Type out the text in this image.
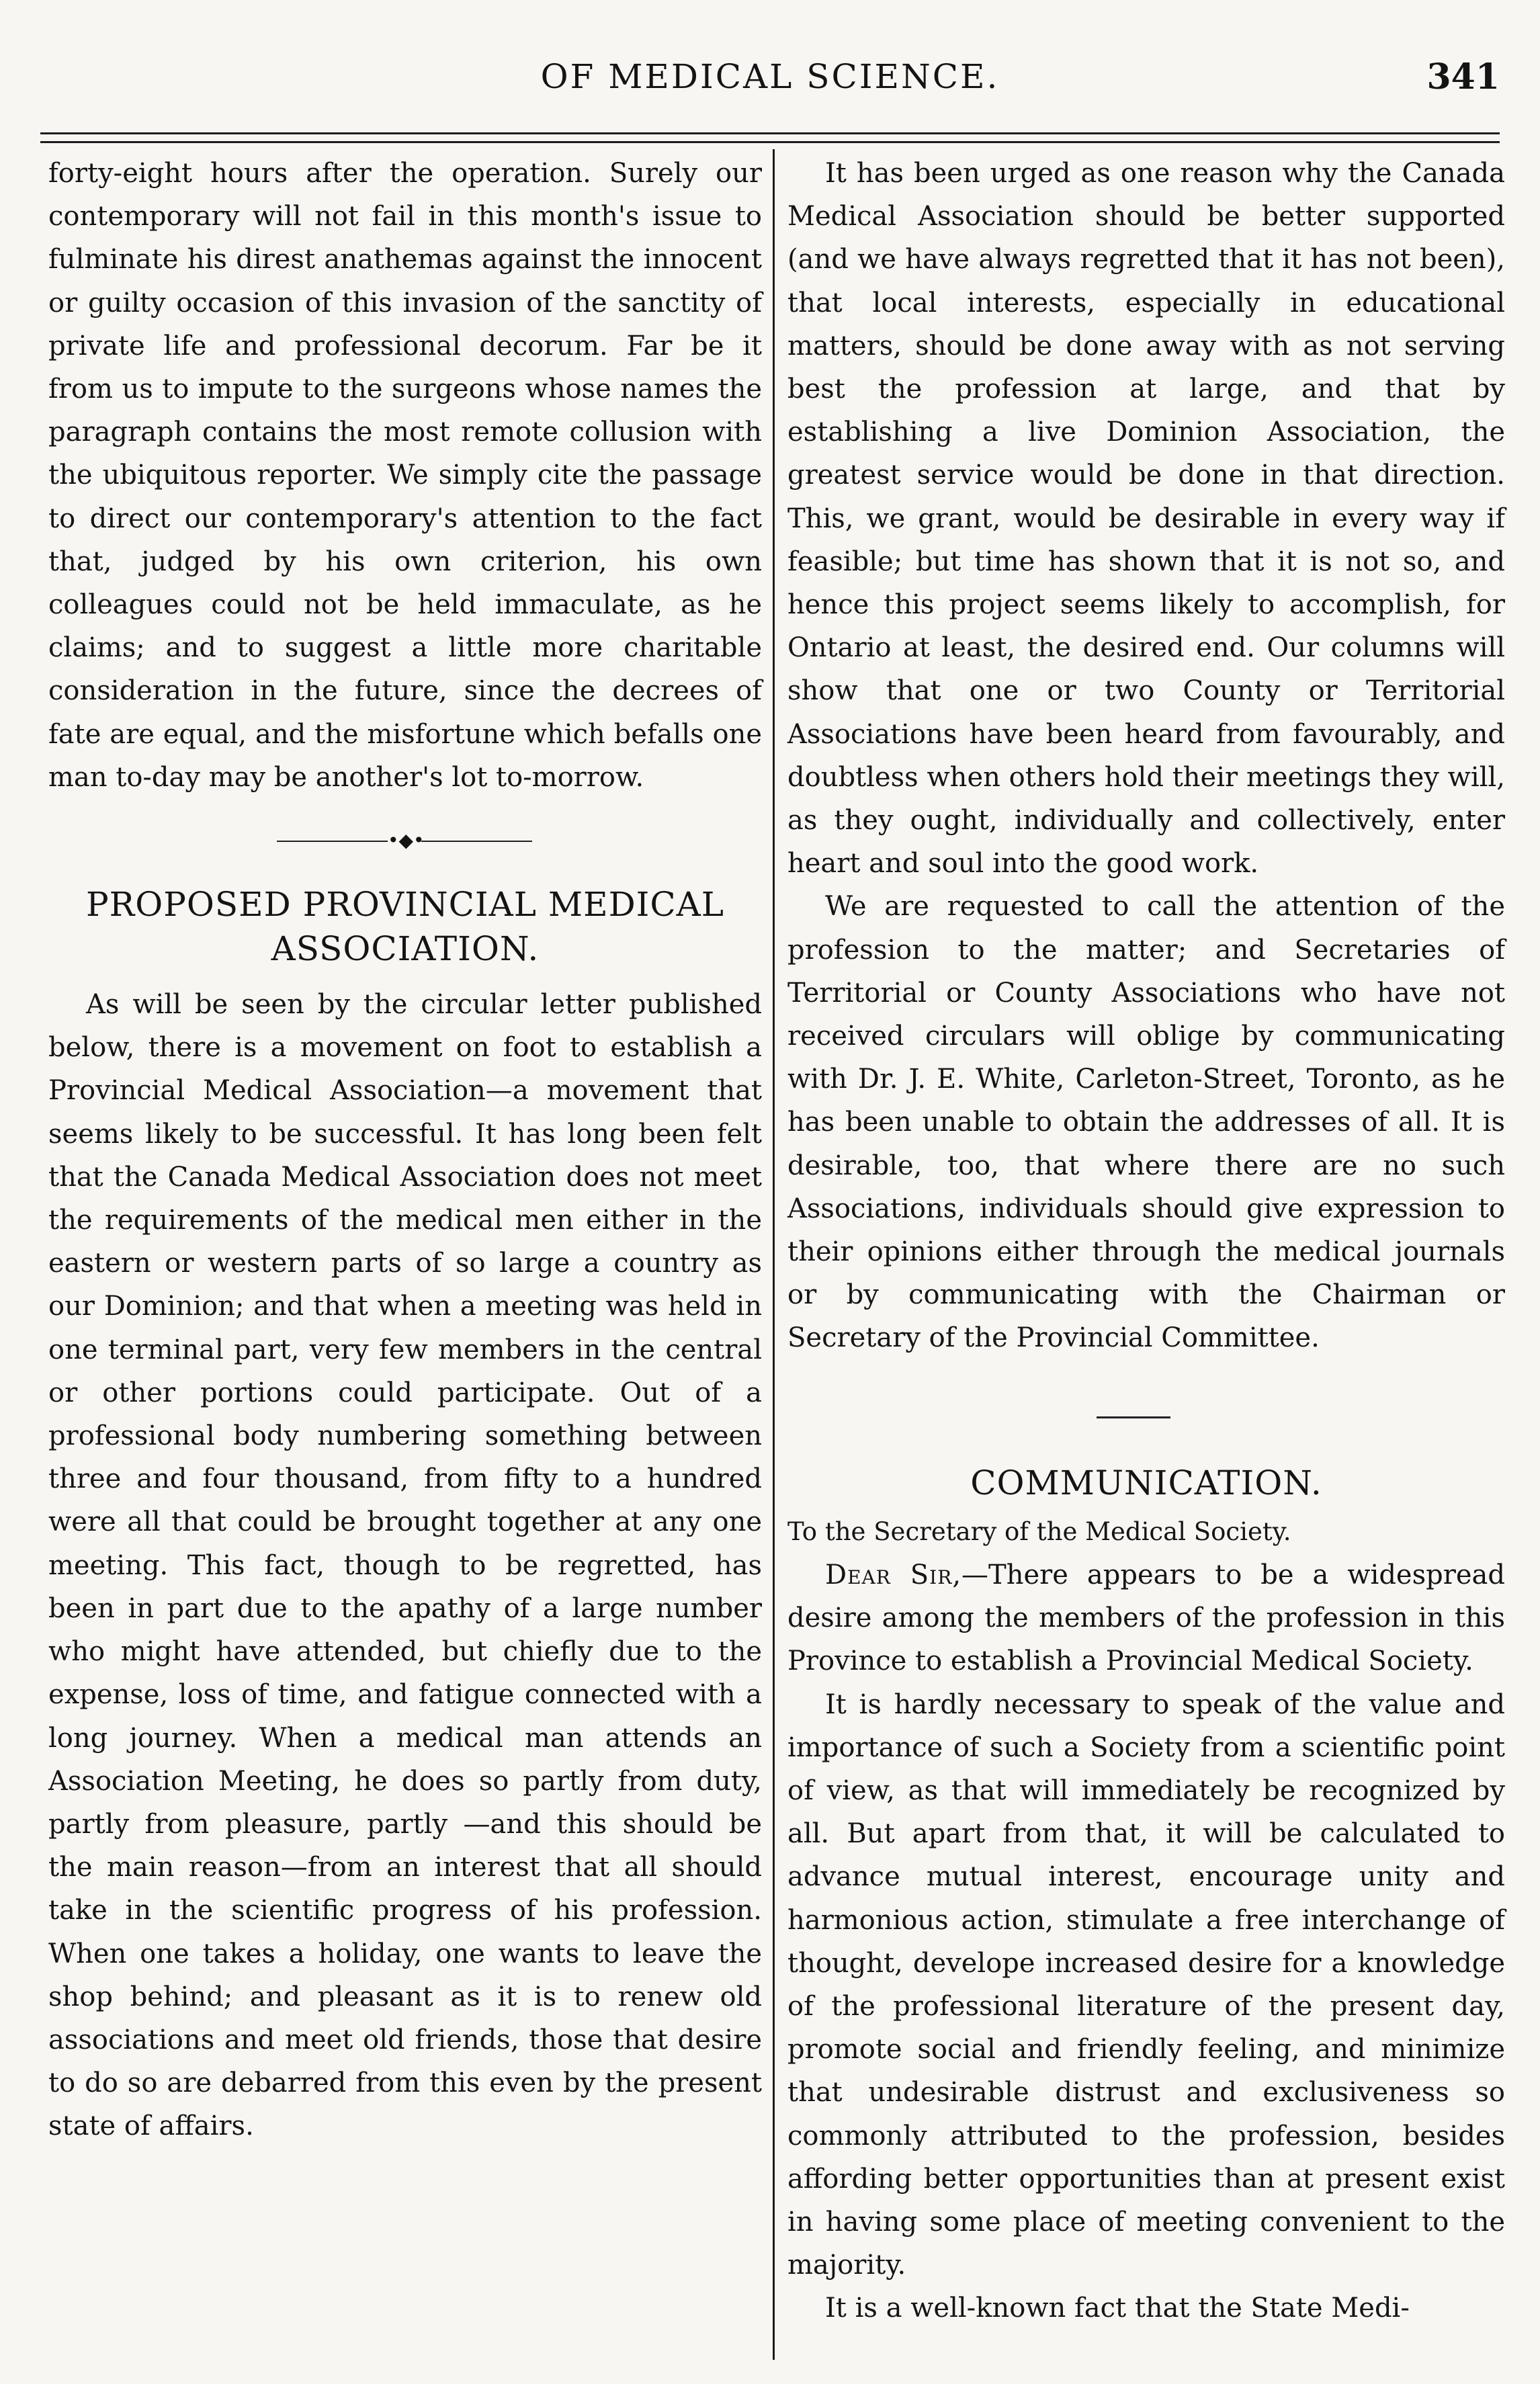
OF MEDICAL SCIENCE.	341

forty-eight hours after the operation. Surely our contemporary will not fail in this month's issue to fulminate his direst anathemas against the innocent or guilty occasion of this invasion of the sanctity of private life and professional decorum. Far be it from us to impute to the surgeons whose names the paragraph contains the most remote collusion with the ubiquitous reporter. We simply cite the passage to direct our contemporary's attention to the fact that, judged by his own criterion, his own colleagues could not be held immaculate, as he claims; and to suggest a little more charitable consideration in the future, since the decrees of fate are equal, and the misfortune which befalls one man to-day may be another's lot to-morrow.

•◆•
PROPOSED PROVINCIAL MEDICAL ASSOCIATION.

As will be seen by the circular letter published below, there is a movement on foot to establish a Provincial Medical Association—a movement that seems likely to be successful. It has long been felt that the Canada Medical Association does not meet the requirements of the medical men either in the eastern or western parts of so large a country as our Dominion; and that when a meeting was held in one terminal part, very few members in the central or other portions could participate. Out of a professional body numbering something between three and four thousand, from fifty to a hundred were all that could be brought together at any one meeting. This fact, though to be regretted, has been in part due to the apathy of a large number who might have attended, but chiefly due to the expense, loss of time, and fatigue connected with a long journey. When a medical man attends an Association Meeting, he does so partly from duty, partly from pleasure, partly —and this should be the main reason—from an interest that all should take in the scientific progress of his profession. When one takes a holiday, one wants to leave the shop behind; and pleasant as it is to renew old associations and meet old friends, those that desire to do so are debarred from this even by the present state of affairs.

It has been urged as one reason why the Canada Medical Association should be better supported (and we have always regretted that it has not been), that local interests, especially in educational matters, should be done away with as not serving best the profession at large, and that by establishing a live Dominion Association, the greatest service would be done in that direction. This, we grant, would be desirable in every way if feasible; but time has shown that it is not so, and hence this project seems likely to accomplish, for Ontario at least, the desired end. Our columns will show that one or two County or Territorial Associations have been heard from favourably, and doubtless when others hold their meetings they will, as they ought, individually and collectively, enter heart and soul into the good work.

We are requested to call the attention of the profession to the matter; and Secretaries of Territorial or County Associations who have not received circulars will oblige by communicating with Dr. J. E. White, Carleton-Street, Toronto, as he has been unable to obtain the addresses of all. It is desirable, too, that where there are no such Associations, individuals should give expression to their opinions either through the medical journals or by communicating with the Chairman or Secretary of the Provincial Committee.

COMMUNICATION.

To the Secretary of the Medical Society.

Dear Sir,—There appears to be a widespread desire among the members of the profession in this Province to establish a Provincial Medical Society.

It is hardly necessary to speak of the value and importance of such a Society from a scientific point of view, as that will immediately be recognized by all. But apart from that, it will be calculated to advance mutual interest, encourage unity and harmonious action, stimulate a free interchange of thought, develope increased desire for a knowledge of the professional literature of the present day, promote social and friendly feeling, and minimize that undesirable distrust and exclusiveness so commonly attributed to the profession, besides affording better opportunities than at present exist in having some place of meeting convenient to the majority.

It is a well-known fact that the State Medi-
